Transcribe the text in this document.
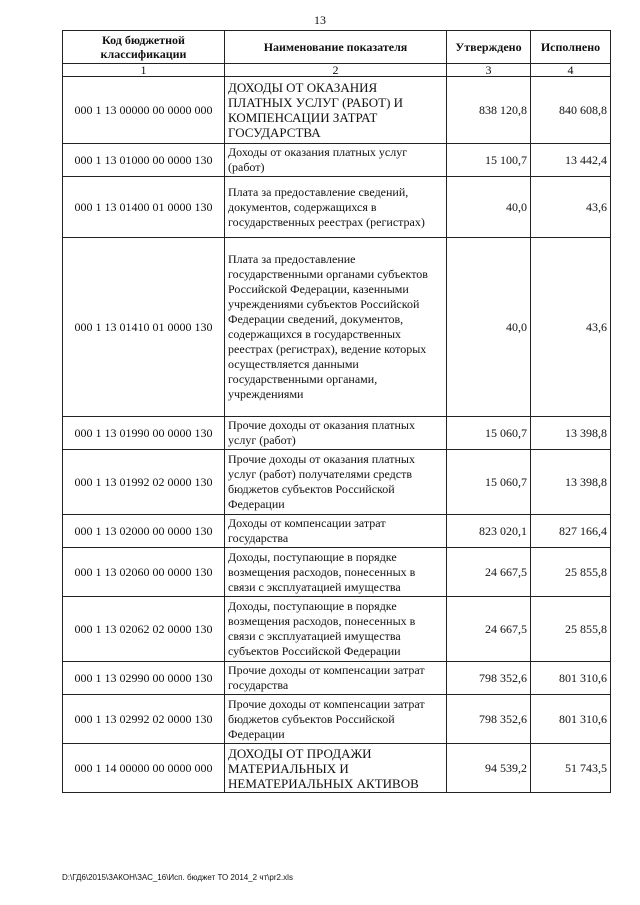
13
Код бюджетной классификации	Наименование показателя	Утверждено	Исполнено
1	2	3	4
000 1 13 00000 00 0000 000	ДОХОДЫ ОТ ОКАЗАНИЯ ПЛАТНЫХ УСЛУГ (РАБОТ) И КОМПЕНСАЦИИ ЗАТРАТ ГОСУДАРСТВА	838 120,8	840 608,8
000 1 13 01000 00 0000 130	Доходы от оказания платных услуг (работ)	15 100,7	13 442,4
000 1 13 01400 01 0000 130	Плата за предоставление сведений, документов, содержащихся в государственных реестрах (регистрах)	40,0	43,6
000 1 13 01410 01 0000 130	Плата за предоставление государственными органами субъектов Российской Федерации, казенными учреждениями субъектов Российской Федерации сведений, документов, содержащихся в государственных реестрах (регистрах), ведение которых осуществляется данными государственными органами, учреждениями	40,0	43,6
000 1 13 01990 00 0000 130	Прочие доходы от оказания платных услуг (работ)	15 060,7	13 398,8
000 1 13 01992 02 0000 130	Прочие доходы от оказания платных услуг (работ) получателями средств бюджетов субъектов Российской Федерации	15 060,7	13 398,8
000 1 13 02000 00 0000 130	Доходы от компенсации затрат государства	823 020,1	827 166,4
000 1 13 02060 00 0000 130	Доходы, поступающие в порядке возмещения расходов, понесенных в связи с эксплуатацией имущества	24 667,5	25 855,8
000 1 13 02062 02 0000 130	Доходы, поступающие в порядке возмещения расходов, понесенных в связи с эксплуатацией имущества субъектов Российской Федерации	24 667,5	25 855,8
000 1 13 02990 00 0000 130	Прочие доходы от компенсации затрат государства	798 352,6	801 310,6
000 1 13 02992 02 0000 130	Прочие доходы от компенсации затрат бюджетов субъектов Российской Федерации	798 352,6	801 310,6
000 1 14 00000 00 0000 000	ДОХОДЫ ОТ ПРОДАЖИ МАТЕРИАЛЬНЫХ И НЕМАТЕРИАЛЬНЫХ АКТИВОВ	94 539,2	51 743,5
D:\ГД6\2015\ЗАКОН\ЗАС_16\Исп. бюджет ТО 2014_2 чт\pr2.xls
